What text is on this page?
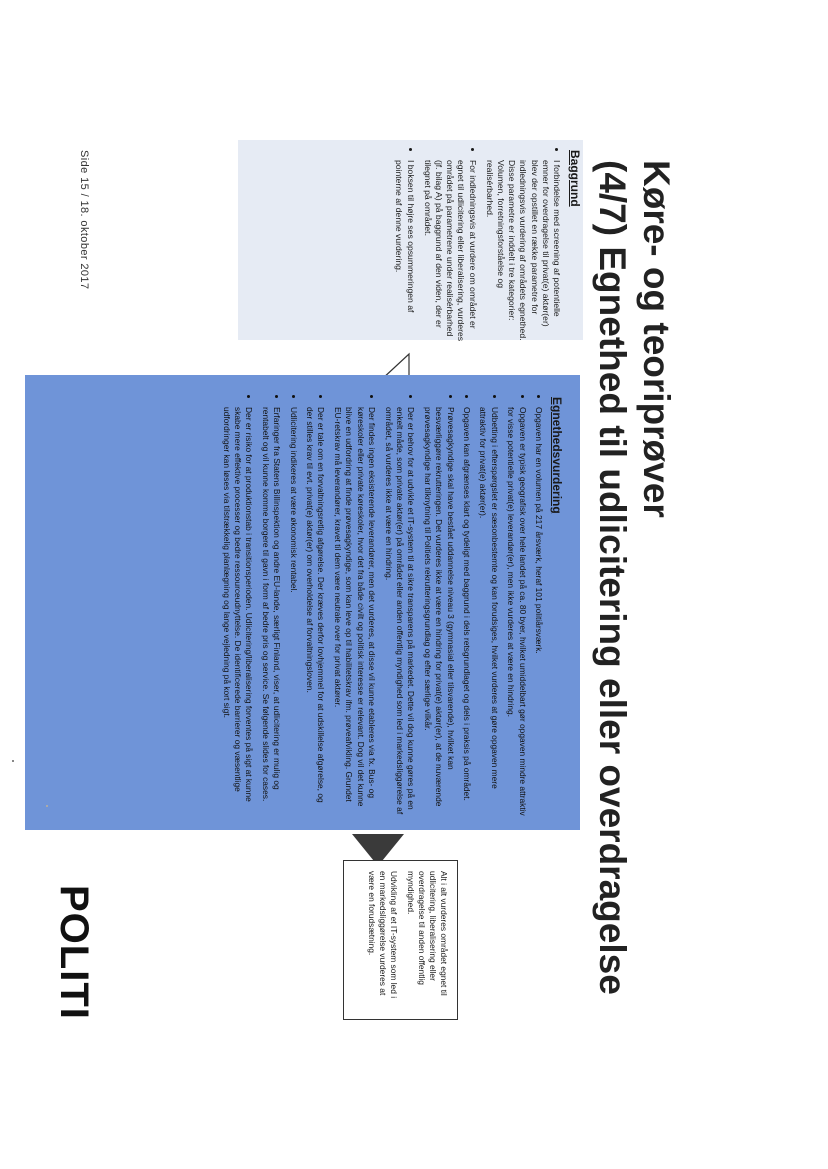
Køre- og teoriprøver
(4/7) Egnethed til udlicitering eller overdragelse
Baggrund
• I forbindelse med screening af potentielle emner for overdragelse til privat(e) aktør(er) blev der opstillet en række parametre for indledningsvis vurdering af områdets egnethed. Disse parametre er inddelt i tre kategorier: Volumen, forretningsforståelse og realisérbarhed.
• For indledningsvis at vurdere om området er egnet til udlicitering eller liberalisering, vurderes området på parametrene under realisérbarhed (jf. bilag A) på baggrund af den viden, der er tilegnet på området.
• I boksen til højre ses opsummeringen af pointerne af denne vurdering.
Egnethedsvurdering
• Opgaven har en volumen på 217 årsværk, heraf 101 politiårsværk.
• Opgaven er typisk geografisk over hele landet på ca. 80 byer, hvilket umiddelbart gør opgaven mindre attraktiv for visse potentielle privat(e) leverandør(er), men ikke vurderes at være en hindring.
• Udbetting i efterspørgslet er sæsonbestemte og kan forudsiges, hvilket vurderes at gøre opgaven mere attraktiv for privat(e) aktør(er).
• Opgaven kan afgrænses klart og tydeligt med baggrund i dels retsgrundlaget og dels i praksis på området.
• Prøvesagkyndige skal have bestået uddannelse niveau 3 (gymnasial eller tilsvarende), hvilket kan besværliggøre rekrutteringen. Det vurderes ikke at være en hindring for privat(e) aktør(er), at de nuværende prøvesagkyndige har tilknytning til Politiets rekrutteringsgrundlag og efter særlige vilkår.
• Der er behov for at udvikle et IT-system til at sikre transparens på markedet. Dette vil dog kunne gøres på en enkelt måde, som private aktør(er) på området eller anden offentlig myndighed som led i markedsliggørelse af området, så vurderes ikke at være en hindring.
• Der findes ingen eksisterende leverandører, men det vurderes, at disse vil kunne etableres via fx. Bus- og køreskoler eller private køreskoler, hvor det fra både civilt og politisk interesse er relevant. Dog vil det kunne blive en udfordring at finde prøvesagkyndige, som kan leve op til habilitetskrav ifm. prøveafvikling. Grundet EU-retskrav må leverandører, kravet til dem være neutrale over for privat aktører.
• Der er tale om en forvaltningsretlig afgørelse. Der kræves derfor lovhjemmel for at udskillelse afgørelse, og der stilles krav til evt. privat(e) aktør(er) om overholdelse af forvaltningsloven.
• Udlicitering indikeres at være økonomisk rentabel.
• Erfaringer fra Statens Billinspektion og andre EU-lande, særligt Finland, viser, at udlicitering er mulig og rentabelt og vil kunne komme borgere til gavn i form af bedre pris og service. Se følgende slides for cases.
• Der er risiko for at produktionstab i transitionsperioden. Udlicitering/liberalisering forventes på sigt at kunne skabe mere effektive processer og bedre ressourceudnyttelse. De identificerede barrierer og væsentlige udfordringer kan løses via tilstrækkelig planlægning og lange vejledning på kort sigt.

Alt i alt vurderes området egnet til udlicitering, liberalisering eller overdragelse til anden offentlig myndighed.

Udvikling af et IT-system som led i en markedsliggørelse vurderes at være en forudsætning.

Side 15 / 18. oktober 2017
POLITI
